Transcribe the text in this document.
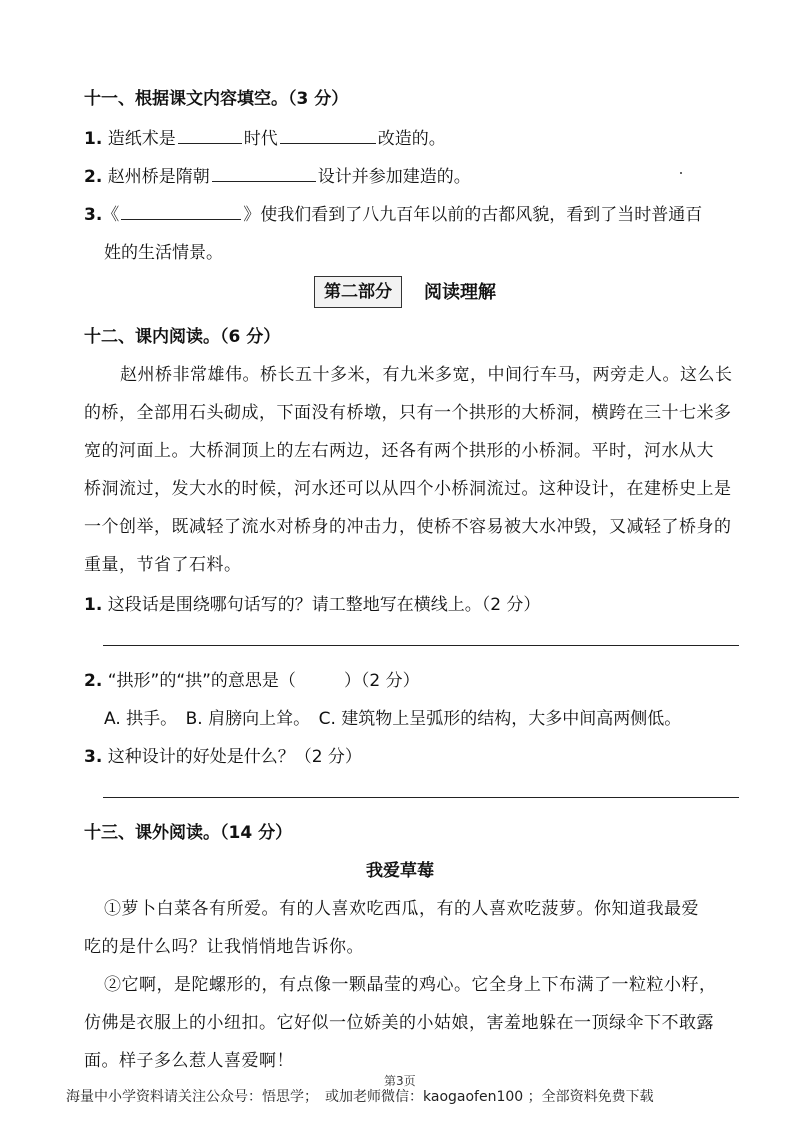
十一、根据课文内容填空。（3 分）
1. 造纸术是	时代	改造的。
2. 赵州桥是隋朝	设计并参加建造的。
3.《	》使我们看到了八九百年以前的古都风貌，看到了当时普通百
姓的生活情景。
第二部分	阅读理解
十二、课内阅读。（6 分）
赵州桥非常雄伟。桥长五十多米，有九米多宽，中间行车马，两旁走人。这么长
的桥，全部用石头砌成，下面没有桥墩，只有一个拱形的大桥洞，横跨在三十七米多
宽的河面上。大桥洞顶上的左右两边，还各有两个拱形的小桥洞。平时，河水从大
桥洞流过，发大水的时候，河水还可以从四个小桥洞流过。这种设计，在建桥史上是
一个创举，既减轻了流水对桥身的冲击力，使桥不容易被大水冲毁，又减轻了桥身的
重量，节省了石料。
1. 这段话是围绕哪句话写的？请工整地写在横线上。（2 分）
2. “拱形”的“拱”的意思是（	）（2 分）
A. 拱手。　B. 肩膀向上耸。　C. 建筑物上呈弧形的结构，大多中间高两侧低。
3. 这种设计的好处是什么？（2 分）
十三、课外阅读。（14 分）
我爱草莓
①萝卜白菜各有所爱。有的人喜欢吃西瓜，有的人喜欢吃菠萝。你知道我最爱
吃的是什么吗？让我悄悄地告诉你。
②它啊，是陀螺形的，有点像一颗晶莹的鸡心。它全身上下布满了一粒粒小籽，
仿佛是衣服上的小纽扣。它好似一位娇美的小姑娘，害羞地躲在一顶绿伞下不敢露
面。样子多么惹人喜爱啊！
第3页
海量中小学资料请关注公众号：悟思学；　或加老师微信：kaogaofen100 ；全部资料免费下载
